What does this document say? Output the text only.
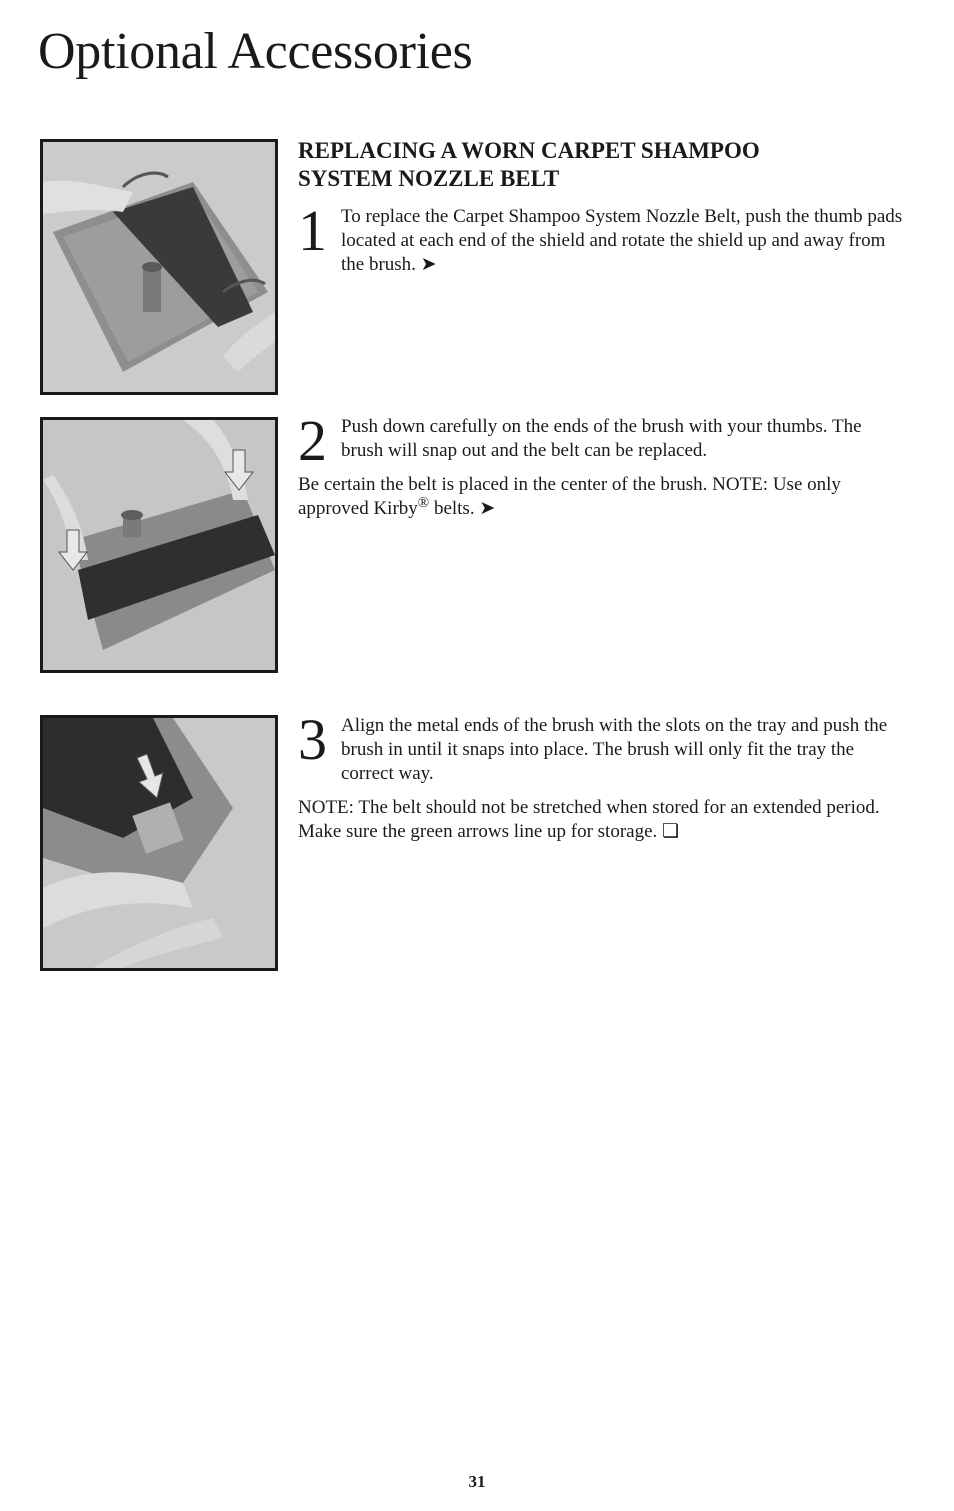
Optional Accessories
REPLACING A WORN CARPET SHAMPOO
SYSTEM NOZZLE BELT
1 To replace the Carpet Shampoo System Nozzle Belt, push the thumb pads located at each end of the shield and rotate the shield up and away from the brush. ➤

2 Push down carefully on the ends of the brush with your thumbs. The brush will snap out and the belt can be replaced.

Be certain the belt is placed in the center of the brush. NOTE: Use only approved Kirby® belts. ➤

3 Align the metal ends of the brush with the slots on the tray and push the brush in until it snaps into place. The brush will only fit the tray the correct way.

NOTE: The belt should not be stretched when stored for an extended period. Make sure the green arrows line up for storage. ❏

31
